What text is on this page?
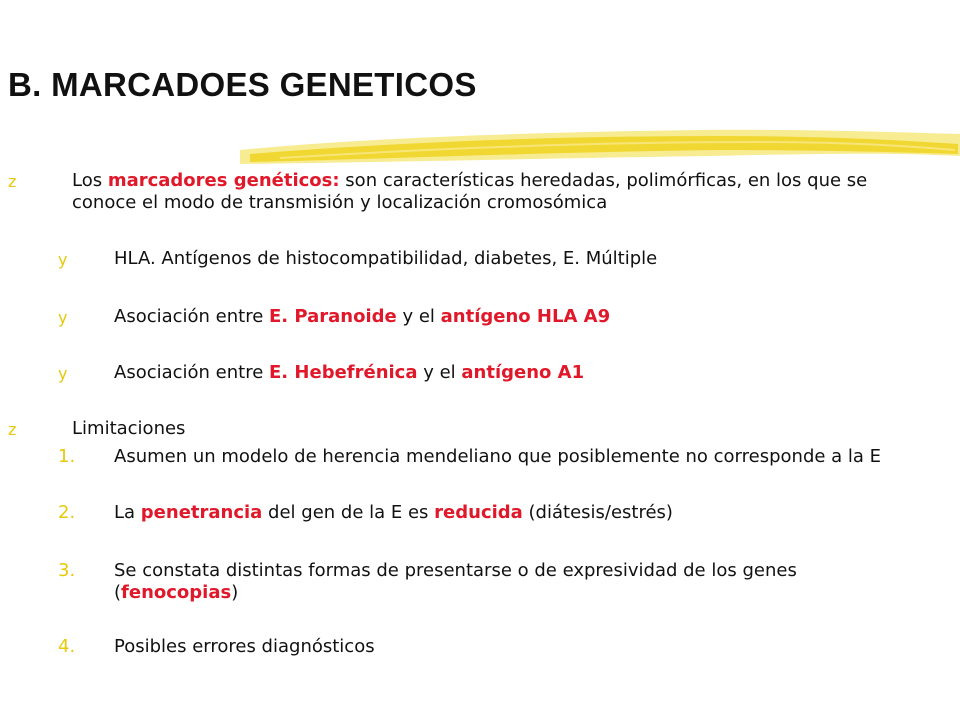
B. MARCADOES GENETICOS
z	Los marcadores genéticos: son características heredadas, polimórficas, en los que se
conoce el modo de transmisión y localización cromosómica
y	HLA. Antígenos de histocompatibilidad, diabetes, E. Múltiple
y	Asociación entre E. Paranoide y el antígeno HLA A9
y	Asociación entre E. Hebefrénica y el antígeno A1
z	Limitaciones
1. Asumen un modelo de herencia mendeliano que posiblemente no corresponde a la E
2. La penetrancia del gen de la E es reducida (diátesis/estrés)
3. Se constata distintas formas de presentarse o de expresividad de los genes
(fenocopias)
4. Posibles errores diagnósticos
